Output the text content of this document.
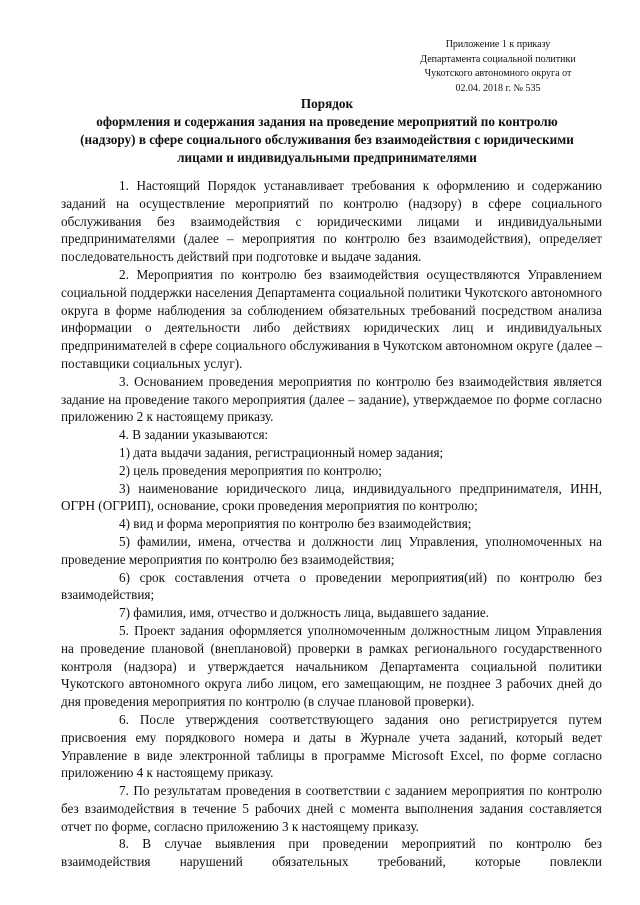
Приложение 1 к приказу
Департамента социальной политики
Чукотского автономного округа от
02.04. 2018 г. № 535
Порядок
оформления и содержания задания на проведение мероприятий по контролю
(надзору) в сфере социального обслуживания без взаимодействия с юридическими
лицами и индивидуальными предпринимателями

1. Настоящий Порядок устанавливает требования к оформлению и содержанию заданий на осуществление мероприятий по контролю (надзору) в сфере социального обслуживания без взаимодействия с юридическими лицами и индивидуальными предпринимателями (далее – мероприятия по контролю без взаимодействия), определяет последовательность действий при подготовке и выдаче задания.

2. Мероприятия по контролю без взаимодействия осуществляются Управлением социальной поддержки населения Департамента социальной политики Чукотского автономного округа в форме наблюдения за соблюдением обязательных требований посредством анализа информации о деятельности либо действиях юридических лиц и индивидуальных предпринимателей в сфере социального обслуживания в Чукотском автономном округе (далее – поставщики социальных услуг).

3. Основанием проведения мероприятия по контролю без взаимодействия является задание на проведение такого мероприятия (далее – задание), утверждаемое по форме согласно приложению 2 к настоящему приказу.

4. В задании указываются:

1) дата выдачи задания, регистрационный номер задания;

2) цель проведения мероприятия по контролю;

3) наименование юридического лица, индивидуального предпринимателя, ИНН, ОГРН (ОГРИП), основание, сроки проведения мероприятия по контролю;

4) вид и форма мероприятия по контролю без взаимодействия;

5) фамилии, имена, отчества и должности лиц Управления, уполномоченных на проведение мероприятия по контролю без взаимодействия;

6) срок составления отчета о проведении мероприятия(ий) по контролю без взаимодействия;

7) фамилия, имя, отчество и должность лица, выдавшего задание.

5. Проект задания оформляется уполномоченным должностным лицом Управления на проведение плановой (внеплановой) проверки в рамках регионального государственного контроля (надзора) и утверждается начальником Департамента социальной политики Чукотского автономного округа либо лицом, его замещающим, не позднее 3 рабочих дней до дня проведения мероприятия по контролю (в случае плановой проверки).

6. После утверждения соответствующего задания оно регистрируется путем присвоения ему порядкового номера и даты в Журнале учета заданий, который ведет Управление в виде электронной таблицы в программе Microsoft Excel, по форме согласно приложению 4 к настоящему приказу.

7. По результатам проведения в соответствии с заданием мероприятия по контролю без взаимодействия в течение 5 рабочих дней с момента выполнения задания составляется отчет по форме, согласно приложению 3 к настоящему приказу.

8. В случае выявления при проведении мероприятий по контролю без взаимодействия нарушений обязательных требований, которые повлекли
